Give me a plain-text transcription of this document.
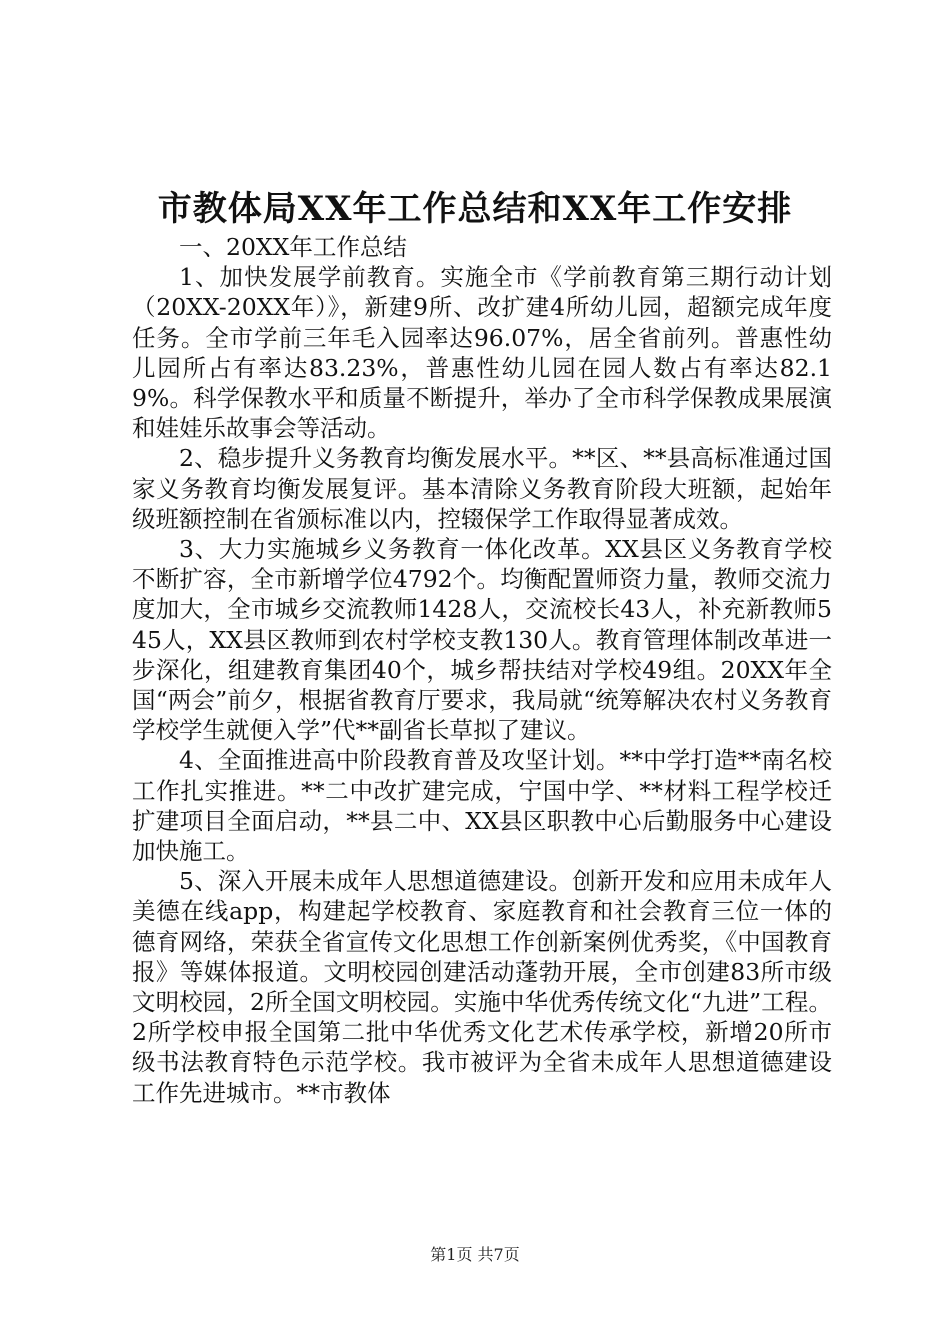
市教体局XX年工作总结和XX年工作安排

一、20XX年工作总结

1、加快发展学前教育。实施全市《学前教育第三期行动计划（20XX-20XX年）》，新建9所、改扩建4所幼儿园，超额完成年度任务。全市学前三年毛入园率达96.07%，居全省前列。普惠性幼儿园所占有率达83.23%，普惠性幼儿园在园人数占有率达82.19%。科学保教水平和质量不断提升，举办了全市科学保教成果展演和娃娃乐故事会等活动。

2、稳步提升义务教育均衡发展水平。**区、**县高标准通过国家义务教育均衡发展复评。基本清除义务教育阶段大班额，起始年级班额控制在省颁标准以内，控辍保学工作取得显著成效。

3、大力实施城乡义务教育一体化改革。XX县区义务教育学校不断扩容，全市新增学位4792个。均衡配置师资力量，教师交流力度加大，全市城乡交流教师1428人，交流校长43人，补充新教师545人，XX县区教师到农村学校支教130人。教育管理体制改革进一步深化，组建教育集团40个，城乡帮扶结对学校49组。20XX年全国“两会”前夕，根据省教育厅要求，我局就“统筹解决农村义务教育学校学生就便入学”代**副省长草拟了建议。

4、全面推进高中阶段教育普及攻坚计划。**中学打造**南名校工作扎实推进。**二中改扩建完成，宁国中学、**材料工程学校迁扩建项目全面启动，**县二中、XX县区职教中心后勤服务中心建设加快施工。

5、深入开展未成年人思想道德建设。创新开发和应用未成年人美德在线app，构建起学校教育、家庭教育和社会教育三位一体的德育网络，荣获全省宣传文化思想工作创新案例优秀奖，《中国教育报》等媒体报道。文明校园创建活动蓬勃开展，全市创建83所市级文明校园，2所全国文明校园。实施中华优秀传统文化“九进”工程。2所学校申报全国第二批中华优秀文化艺术传承学校，新增20所市级书法教育特色示范学校。我市被评为全省未成年人思想道德建设工作先进城市。**市教体

第1页 共7页
